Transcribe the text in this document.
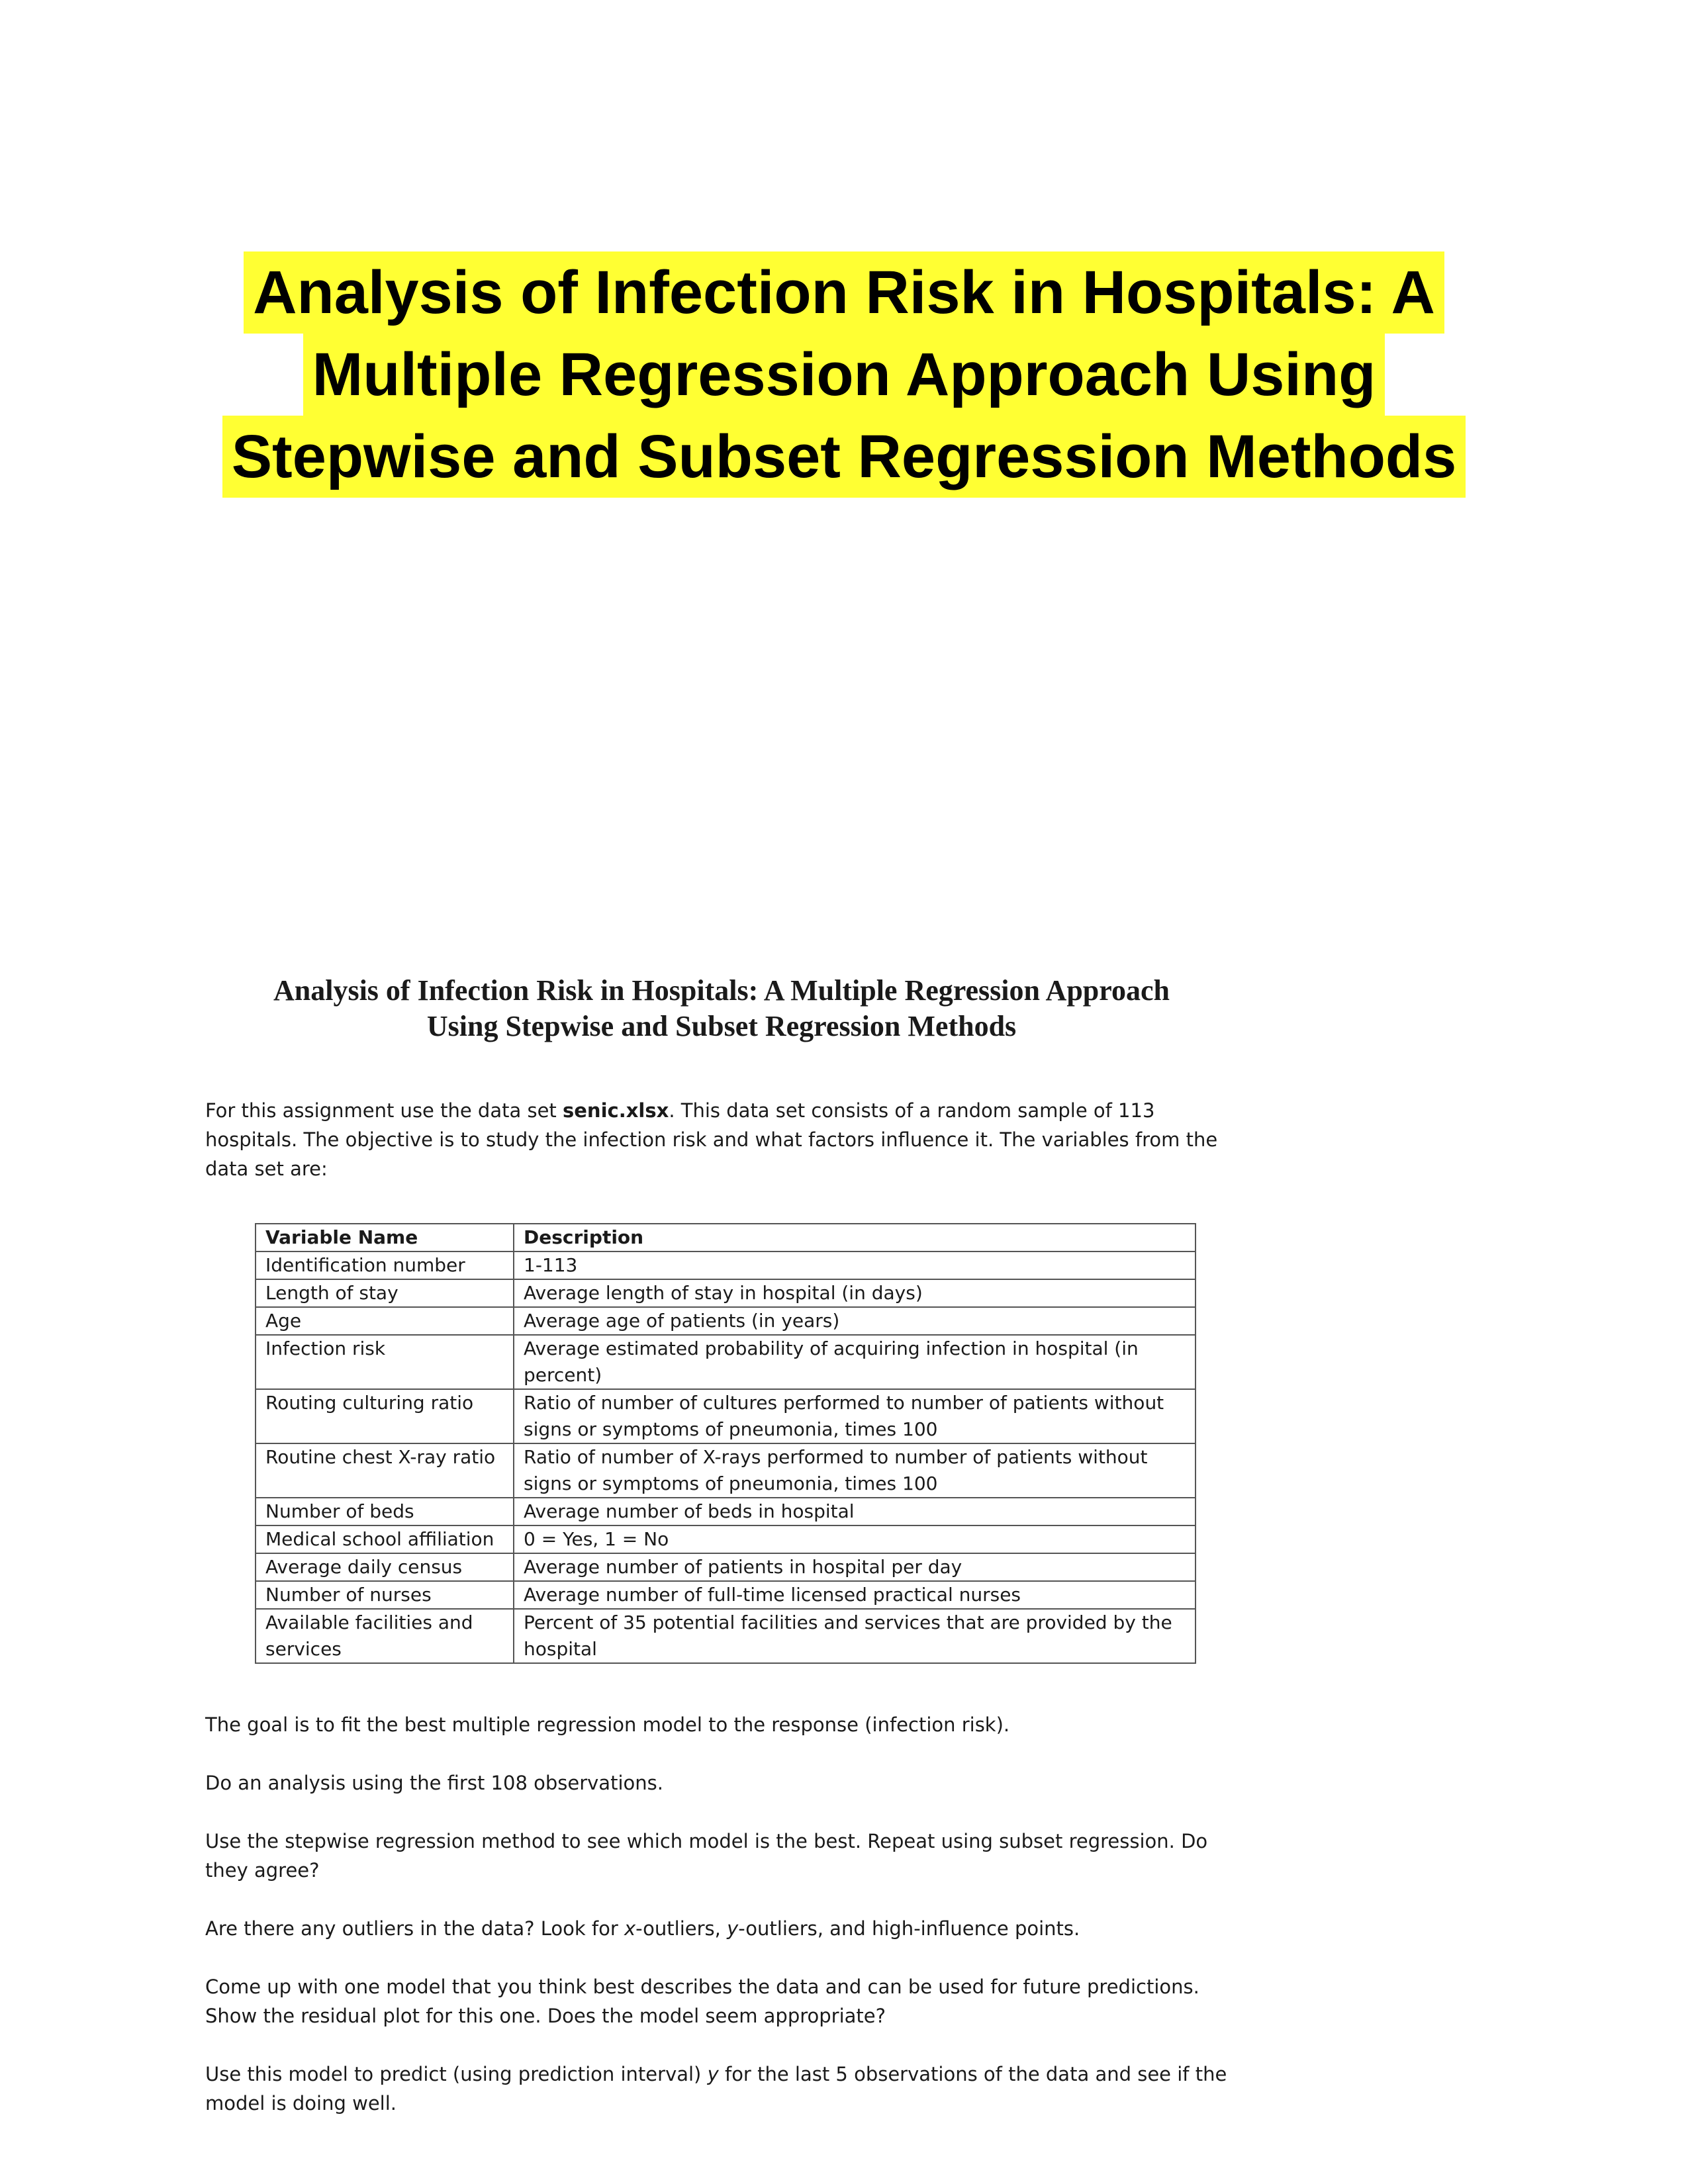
Analysis of Infection Risk in Hospitals: A
Multiple Regression Approach Using
Stepwise and Subset Regression Methods
Analysis of Infection Risk in Hospitals: A Multiple Regression Approach
Using Stepwise and Subset Regression Methods

For this assignment use the data set senic.xlsx. This data set consists of a random sample of 113 hospitals. The objective is to study the infection risk and what factors influence it. The variables from the data set are:

Variable Name	Description
Identification number	1-113
Length of stay	Average length of stay in hospital (in days)
Age	Average age of patients (in years)
Infection risk	Average estimated probability of acquiring infection in hospital (in percent)
Routing culturing ratio	Ratio of number of cultures performed to number of patients without signs or symptoms of pneumonia, times 100
Routine chest X-ray ratio	Ratio of number of X-rays performed to number of patients without signs or symptoms of pneumonia, times 100
Number of beds	Average number of beds in hospital
Medical school affiliation	0 = Yes, 1 = No
Average daily census	Average number of patients in hospital per day
Number of nurses	Average number of full-time licensed practical nurses
Available facilities and services	Percent of 35 potential facilities and services that are provided by the hospital

The goal is to fit the best multiple regression model to the response (infection risk).

Do an analysis using the first 108 observations.

Use the stepwise regression method to see which model is the best. Repeat using subset regression. Do they agree?

Are there any outliers in the data? Look for x-outliers, y-outliers, and high-influence points.

Come up with one model that you think best describes the data and can be used for future predictions. Show the residual plot for this one. Does the model seem appropriate?

Use this model to predict (using prediction interval) y for the last 5 observations of the data and see if the model is doing well.
